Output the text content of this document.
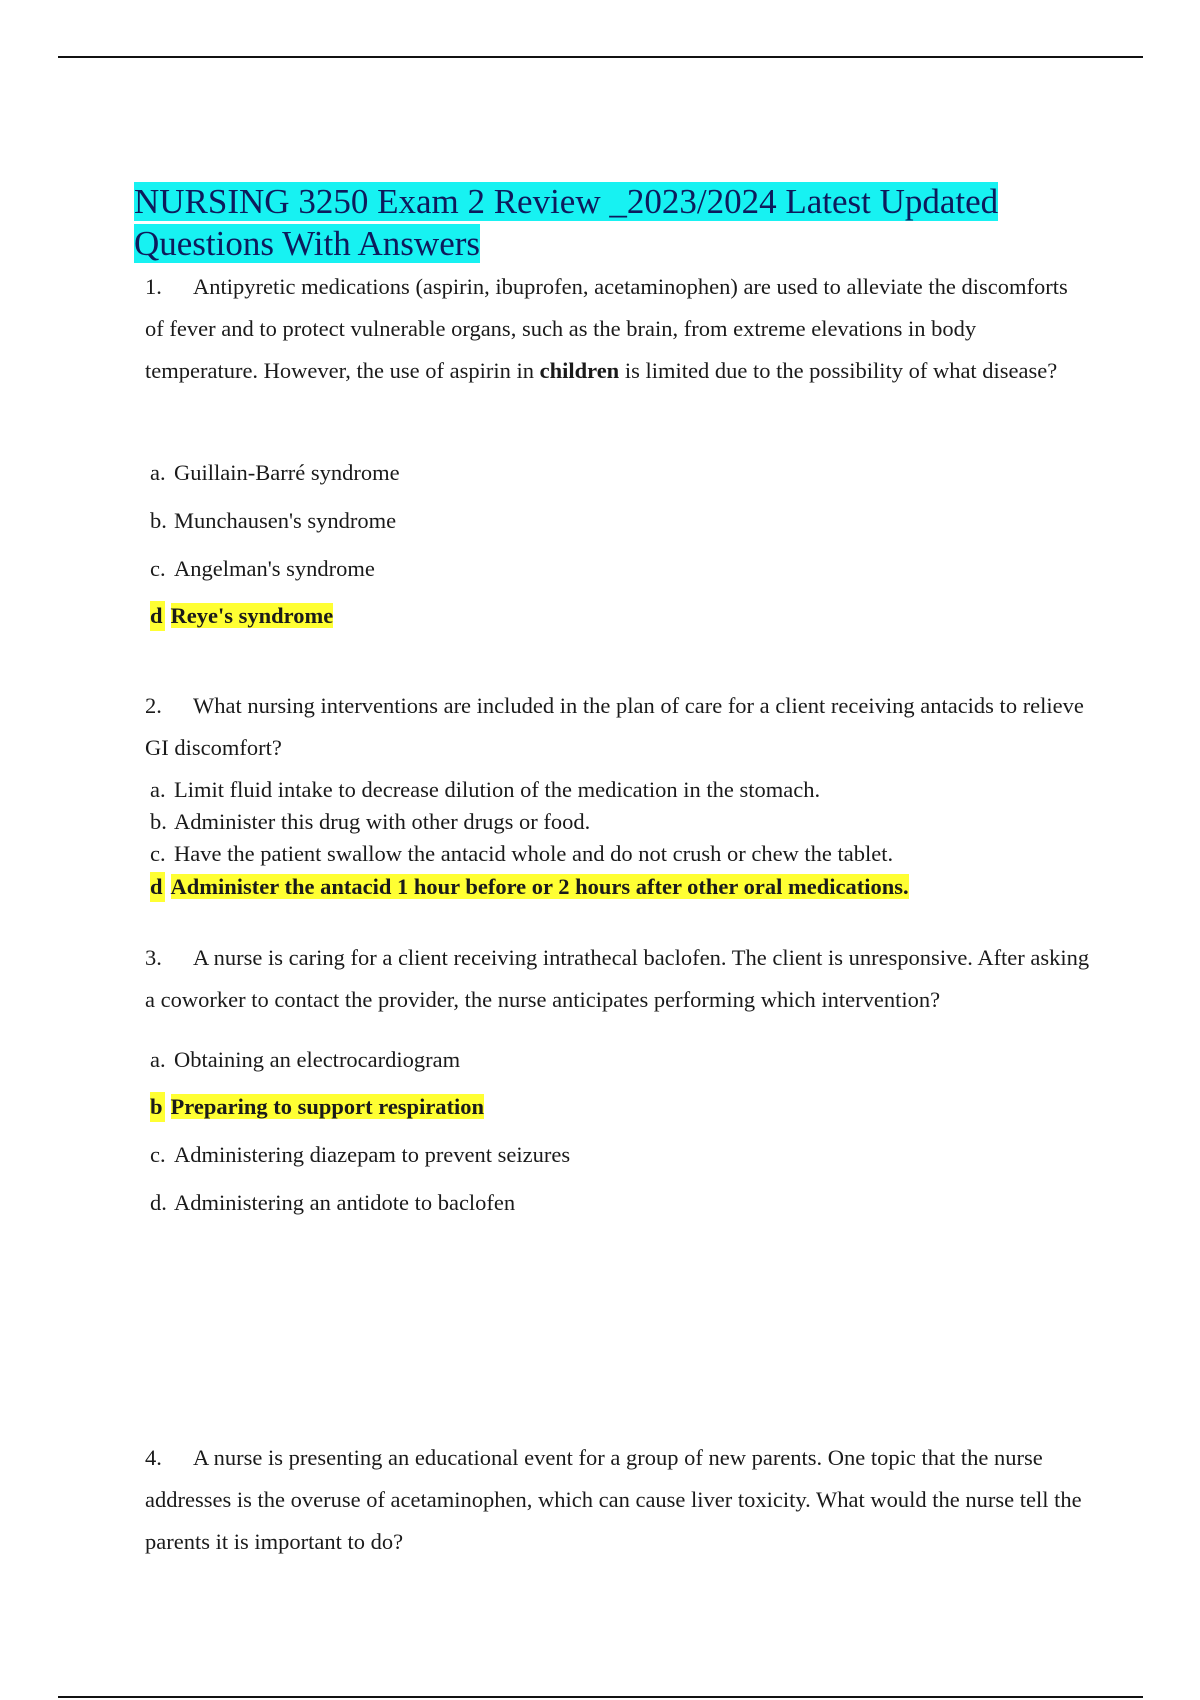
NURSING 3250 Exam 2 Review _2023/2024 Latest Updated Questions With Answers

1. Antipyretic medications (aspirin, ibuprofen, acetaminophen) are used to alleviate the discomforts of fever and to protect vulnerable organs, such as the brain, from extreme elevations in body temperature. However, the use of aspirin in children is limited due to the possibility of what disease?

a. Guillain-Barré syndrome
b. Munchausen's syndrome
c. Angelman's syndrome
d Reye's syndrome

2. What nursing interventions are included in the plan of care for a client receiving antacids to relieve GI discomfort?

a. Limit fluid intake to decrease dilution of the medication in the stomach.
b. Administer this drug with other drugs or food.
c. Have the patient swallow the antacid whole and do not crush or chew the tablet.
d Administer the antacid 1 hour before or 2 hours after other oral medications.

3. A nurse is caring for a client receiving intrathecal baclofen. The client is unresponsive. After asking a coworker to contact the provider, the nurse anticipates performing which intervention?

a. Obtaining an electrocardiogram
b Preparing to support respiration
c. Administering diazepam to prevent seizures
d. Administering an antidote to baclofen

4. A nurse is presenting an educational event for a group of new parents. One topic that the nurse addresses is the overuse of acetaminophen, which can cause liver toxicity. What would the nurse tell the parents it is important to do?
